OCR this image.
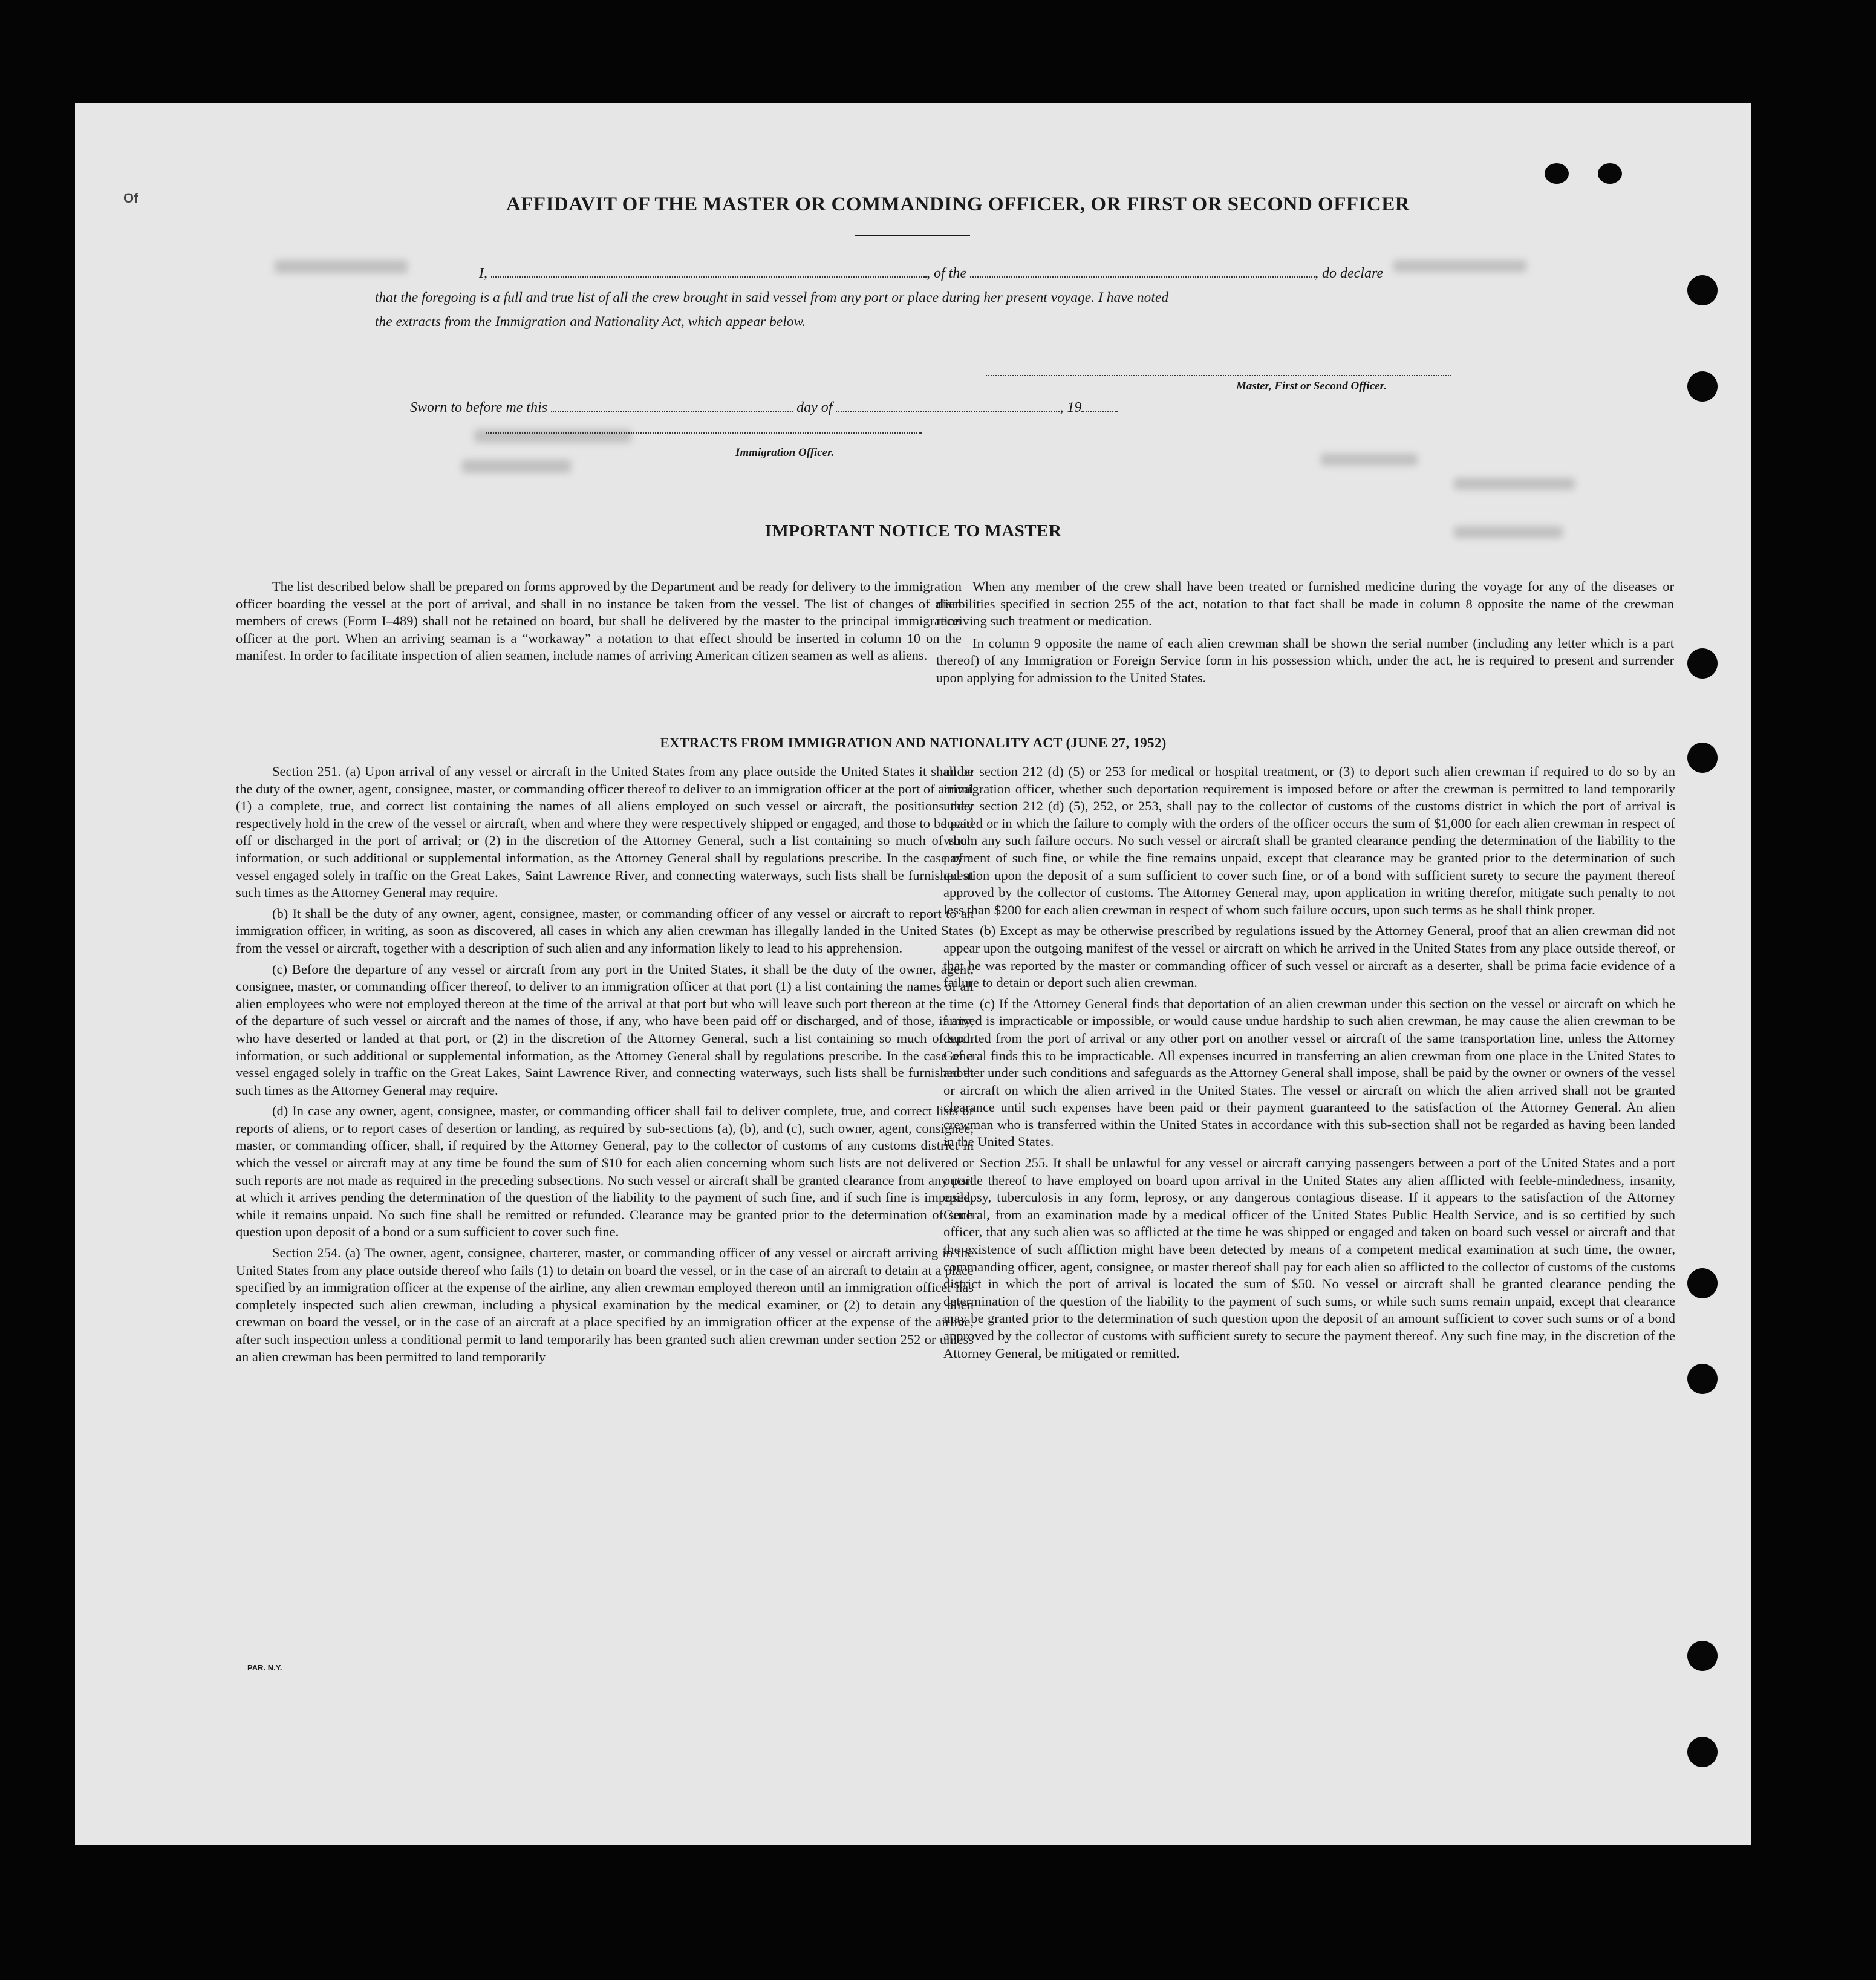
Of	AFFIDAVIT OF THE MASTER OR COMMANDING OFFICER, OR FIRST OR SECOND OFFICER
I,	, of the	, do declare
that the foregoing is a full and true list of all the crew brought in said vessel from any port or place during her present voyage. I have noted
the extracts from the Immigration and Nationality Act, which appear below.
Master, First or Second Officer.
Sworn to before me this	day of	, 19
Immigration Officer.
IMPORTANT NOTICE TO MASTER

The list described below shall be prepared on forms approved by the Department and be ready for delivery to the immigration officer boarding the vessel at the port of arrival, and shall in no instance be taken from the vessel. The list of changes of alien members of crews (Form I–489) shall not be retained on board, but shall be delivered by the master to the principal immigration officer at the port. When an arriving seaman is a “workaway” a notation to that effect should be inserted in column 10 on the manifest. In order to facilitate inspection of alien seamen, include names of arriving American citizen seamen as well as aliens.

When any member of the crew shall have been treated or furnished medicine during the voyage for any of the diseases or disabilities specified in section 255 of the act, notation to that fact shall be made in column 8 opposite the name of the crewman receiving such treatment or medication.

In column 9 opposite the name of each alien crewman shall be shown the serial number (including any letter which is a part thereof) of any Immigration or Foreign Service form in his possession which, under the act, he is required to present and surrender upon applying for admission to the United States.

EXTRACTS FROM IMMIGRATION AND NATIONALITY ACT (JUNE 27, 1952)

Section 251. (a) Upon arrival of any vessel or aircraft in the United States from any place outside the United States it shall be the duty of the owner, agent, consignee, master, or commanding officer thereof to deliver to an immigration officer at the port of arrival (1) a complete, true, and correct list containing the names of all aliens employed on such vessel or aircraft, the positions they respectively hold in the crew of the vessel or aircraft, when and where they were respectively shipped or engaged, and those to be paid off or discharged in the port of arrival; or (2) in the discretion of the Attorney General, such a list containing so much of such information, or such additional or supplemental information, as the Attorney General shall by regulations prescribe. In the case of a vessel engaged solely in traffic on the Great Lakes, Saint Lawrence River, and connecting waterways, such lists shall be furnished at such times as the Attorney General may require.

(b) It shall be the duty of any owner, agent, consignee, master, or commanding officer of any vessel or aircraft to report to an immigration officer, in writing, as soon as discovered, all cases in which any alien crewman has illegally landed in the United States from the vessel or aircraft, together with a description of such alien and any information likely to lead to his apprehension.

(c) Before the departure of any vessel or aircraft from any port in the United States, it shall be the duty of the owner, agent, consignee, master, or commanding officer thereof, to deliver to an immigration officer at that port (1) a list containing the names of all alien employees who were not employed thereon at the time of the arrival at that port but who will leave such port thereon at the time of the departure of such vessel or aircraft and the names of those, if any, who have been paid off or discharged, and of those, if any, who have deserted or landed at that port, or (2) in the discretion of the Attorney General, such a list containing so much of such information, or such additional or supplemental information, as the Attorney General shall by regulations prescribe. In the case of a vessel engaged solely in traffic on the Great Lakes, Saint Lawrence River, and connecting waterways, such lists shall be furnished at such times as the Attorney General may require.

(d) In case any owner, agent, consignee, master, or commanding officer shall fail to deliver complete, true, and correct lists or reports of aliens, or to report cases of desertion or landing, as required by sub-sections (a), (b), and (c), such owner, agent, consignee, master, or commanding officer, shall, if required by the Attorney General, pay to the collector of customs of any customs district in which the vessel or aircraft may at any time be found the sum of $10 for each alien concerning whom such lists are not delivered or such reports are not made as required in the preceding subsections. No such vessel or aircraft shall be granted clearance from any port at which it arrives pending the determination of the question of the liability to the payment of such fine, and if such fine is imposed, while it remains unpaid. No such fine shall be remitted or refunded. Clearance may be granted prior to the determination of such question upon deposit of a bond or a sum sufficient to cover such fine.

Section 254. (a) The owner, agent, consignee, charterer, master, or commanding officer of any vessel or aircraft arriving in the United States from any place outside thereof who fails (1) to detain on board the vessel, or in the case of an aircraft to detain at a place specified by an immigration officer at the expense of the airline, any alien crewman employed thereon until an immigration officer has completely inspected such alien crewman, including a physical examination by the medical examiner, or (2) to detain any alien crewman on board the vessel, or in the case of an aircraft at a place specified by an immigration officer at the expense of the airline, after such inspection unless a conditional permit to land temporarily has been granted such alien crewman under section 252 or unless an alien crewman has been permitted to land temporarily

under section 212 (d) (5) or 253 for medical or hospital treatment, or (3) to deport such alien crewman if required to do so by an immigration officer, whether such deportation requirement is imposed before or after the crewman is permitted to land temporarily under section 212 (d) (5), 252, or 253, shall pay to the collector of customs of the customs district in which the port of arrival is located or in which the failure to comply with the orders of the officer occurs the sum of $1,000 for each alien crewman in respect of whom any such failure occurs. No such vessel or aircraft shall be granted clearance pending the determination of the liability to the payment of such fine, or while the fine remains unpaid, except that clearance may be granted prior to the determination of such question upon the deposit of a sum sufficient to cover such fine, or of a bond with sufficient surety to secure the payment thereof approved by the collector of customs. The Attorney General may, upon application in writing therefor, mitigate such penalty to not less than $200 for each alien crewman in respect of whom such failure occurs, upon such terms as he shall think proper.

(b) Except as may be otherwise prescribed by regulations issued by the Attorney General, proof that an alien crewman did not appear upon the outgoing manifest of the vessel or aircraft on which he arrived in the United States from any place outside thereof, or that he was reported by the master or commanding officer of such vessel or aircraft as a deserter, shall be prima facie evidence of a failure to detain or deport such alien crewman.

(c) If the Attorney General finds that deportation of an alien crewman under this section on the vessel or aircraft on which he arrived is impracticable or impossible, or would cause undue hardship to such alien crewman, he may cause the alien crewman to be deported from the port of arrival or any other port on another vessel or aircraft of the same transportation line, unless the Attorney General finds this to be impracticable. All expenses incurred in transferring an alien crewman from one place in the United States to another under such conditions and safeguards as the Attorney General shall impose, shall be paid by the owner or owners of the vessel or aircraft on which the alien arrived in the United States. The vessel or aircraft on which the alien arrived shall not be granted clearance until such expenses have been paid or their payment guaranteed to the satisfaction of the Attorney General. An alien crewman who is transferred within the United States in accordance with this sub-section shall not be regarded as having been landed in the United States.

Section 255. It shall be unlawful for any vessel or aircraft carrying passengers between a port of the United States and a port outside thereof to have employed on board upon arrival in the United States any alien afflicted with feeble-mindedness, insanity, epilepsy, tuberculosis in any form, leprosy, or any dangerous contagious disease. If it appears to the satisfaction of the Attorney General, from an examination made by a medical officer of the United States Public Health Service, and is so certified by such officer, that any such alien was so afflicted at the time he was shipped or engaged and taken on board such vessel or aircraft and that the existence of such affliction might have been detected by means of a competent medical examination at such time, the owner, commanding officer, agent, consignee, or master thereof shall pay for each alien so afflicted to the collector of customs of the customs district in which the port of arrival is located the sum of $50. No vessel or aircraft shall be granted clearance pending the determination of the question of the liability to the payment of such sums, or while such sums remain unpaid, except that clearance may be granted prior to the determination of such question upon the deposit of an amount sufficient to cover such sums or of a bond approved by the collector of customs with sufficient surety to secure the payment thereof. Any such fine may, in the discretion of the Attorney General, be mitigated or remitted.

PAR. N.Y.
